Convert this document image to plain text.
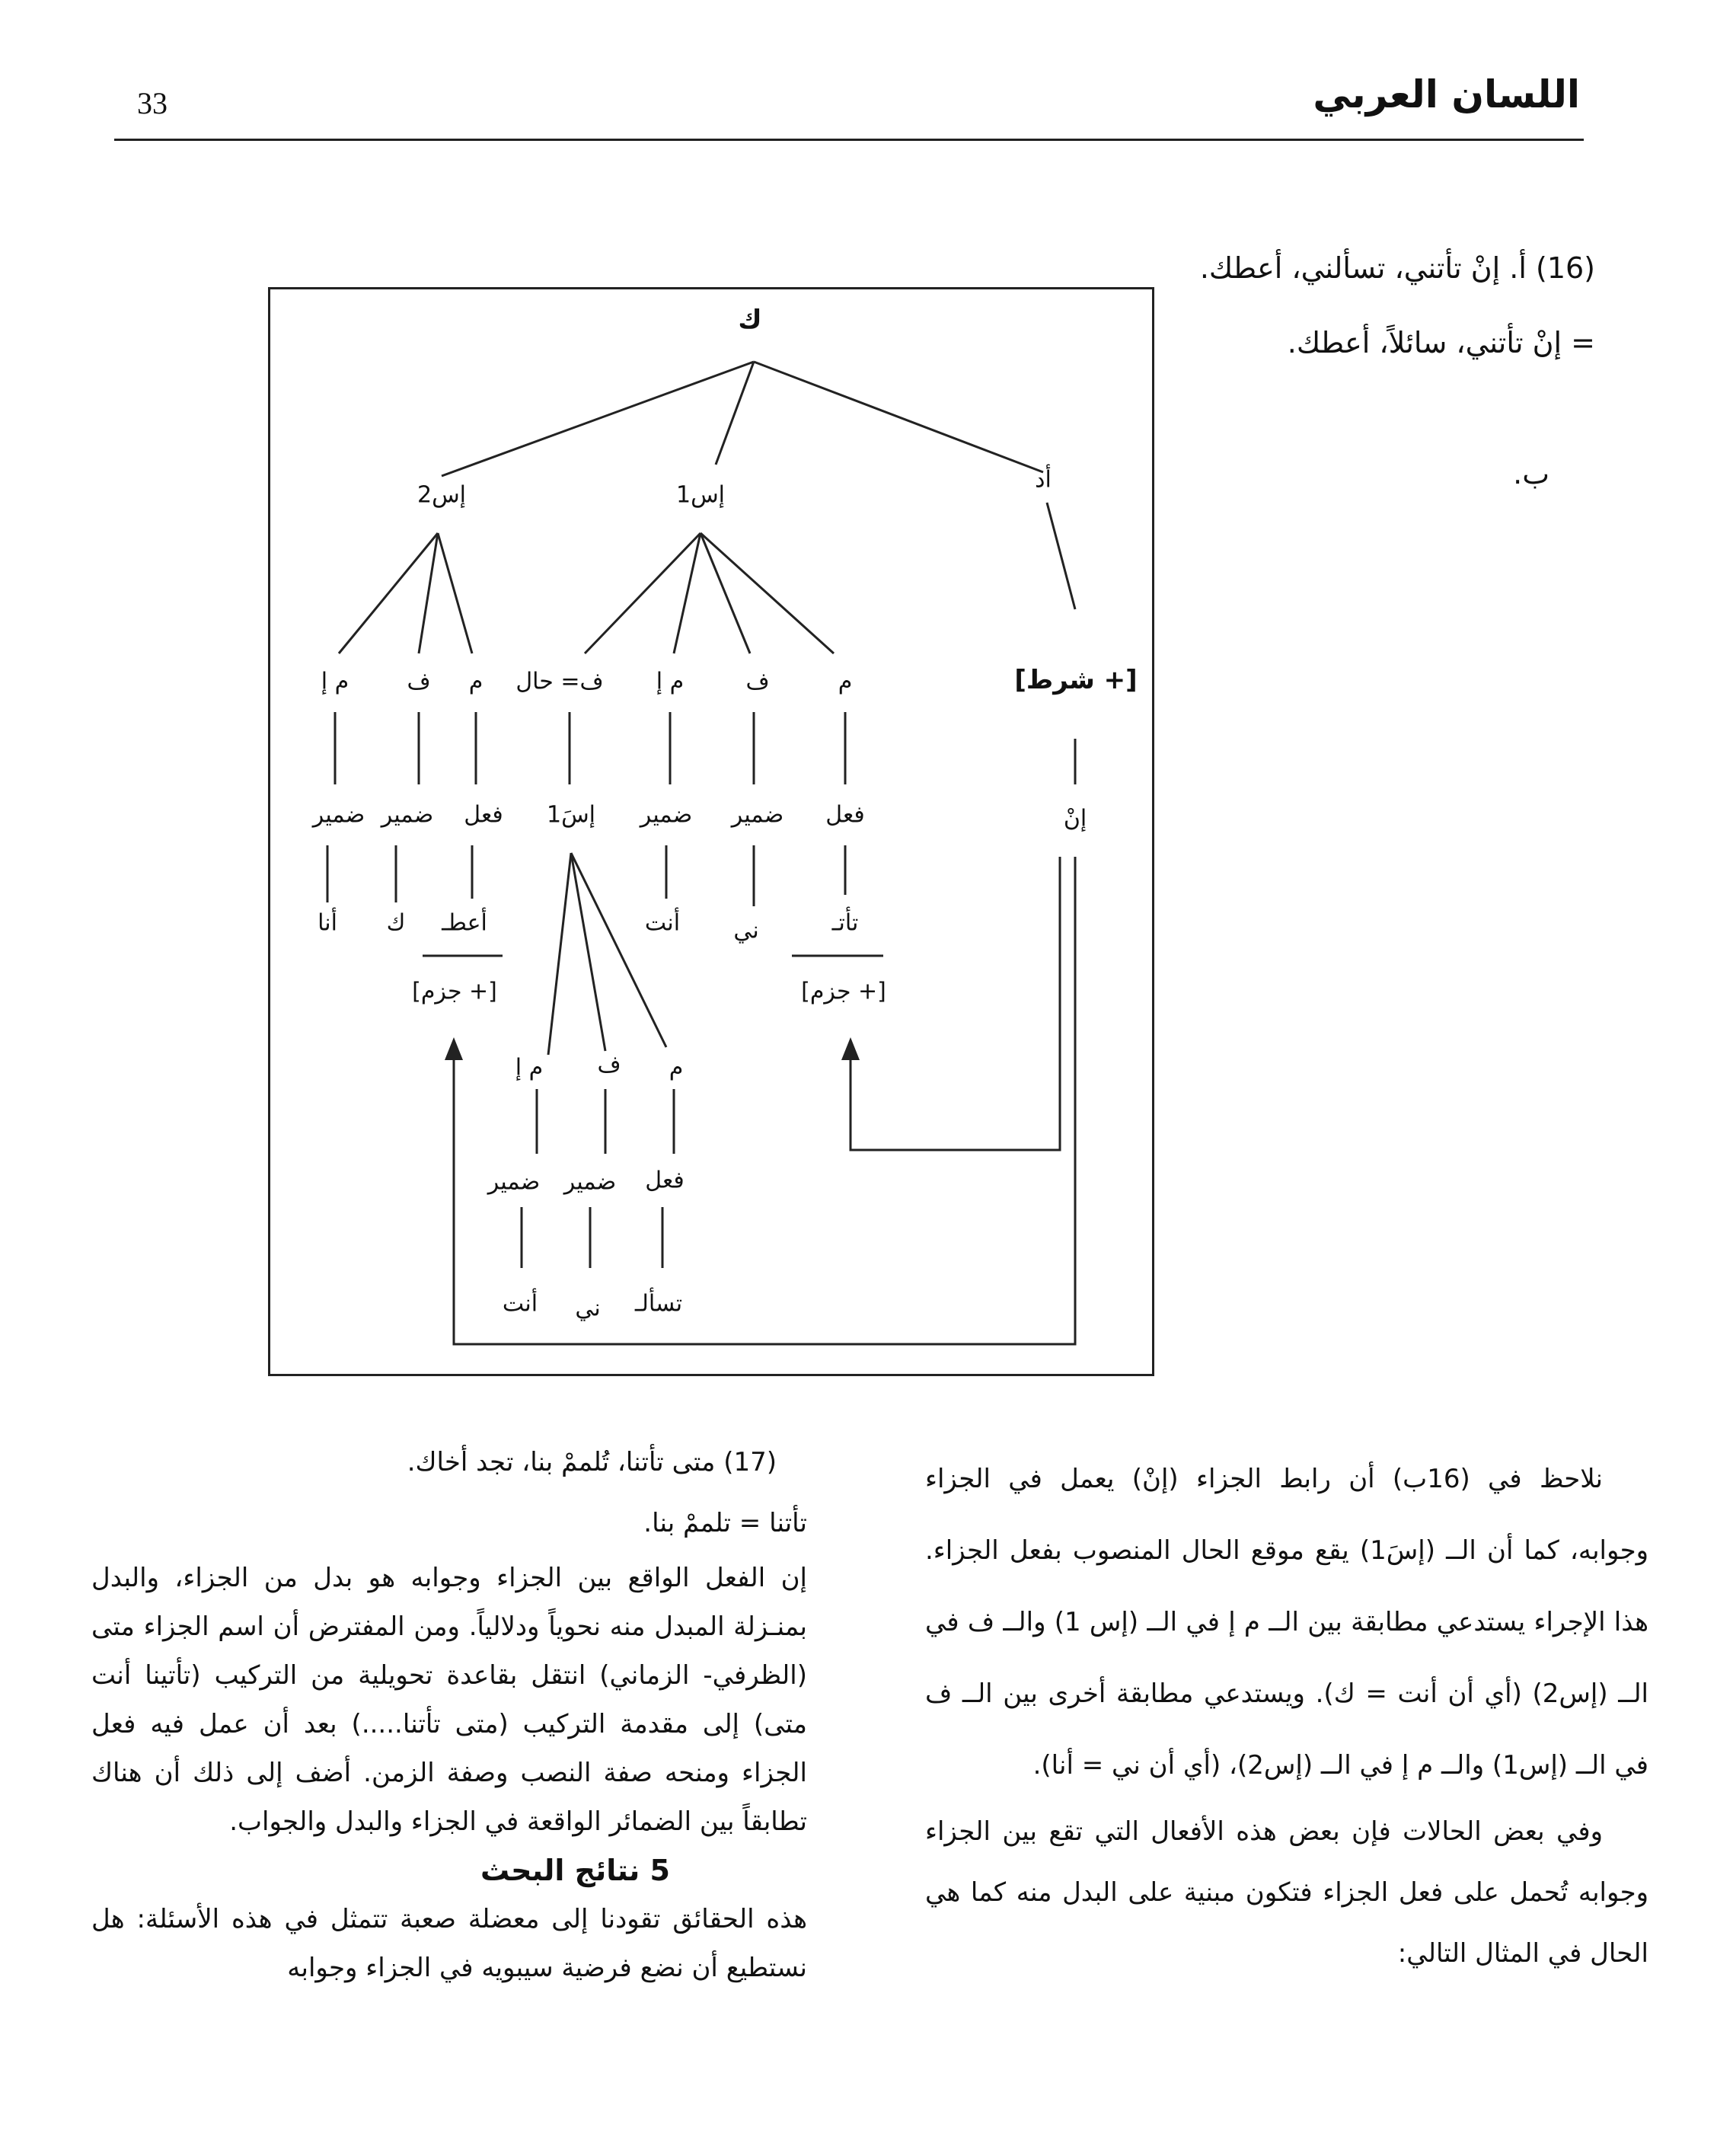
33	اللسان العربي
(16) أ. إنْ تأتني، تسألني، أعطك.
= إنْ تأتني، سائلاً، أعطك.
ب.
ك
أد
إس1
إس2
[+ شرط]
إنْ
م
ف
م إ
ف= حال
م
ف
م إ
فعل
ضمير
ضمير
إسَ1
فعل
ضمير
ضمير
تأتـ
ني
أنت
أعطـ
ك
أنا
[+ جزم]
[+ جزم]
م
ف
م إ
فعل
ضمير
ضمير
تسألـ
ني
أنت

نلاحظ في (16ب) أن رابط الجزاء (إنْ) يعمل في الجزاء وجوابه، كما أن الــ (إسَ1) يقع موقع الحال المنصوب بفعل الجزاء. هذا الإجراء يستدعي مطابقة بين الــ م إ في الــ (إس 1) والــ ف في الــ (إس2) (أي أن أنت = ك). ويستدعي مطابقة أخرى بين الــ ف في الــ (إس1) والــ م إ في الــ (إس2)، (أي أن ني = أنا).

وفي بعض الحالات فإن بعض هذه الأفعال التي تقع بين الجزاء وجوابه تُحمل على فعل الجزاء فتكون مبنية على البدل منه كما هي الحال في المثال التالي:

(17) متى تأتنا، تُلممْ بنا، تجد أخاك.

تأتنا = تلممْ بنا.

إن الفعل الواقع بين الجزاء وجوابه هو بدل من الجزاء، والبدل بمنـزلة المبدل منه نحوياً ودلالياً. ومن المفترض أن اسم الجزاء متى (الظرفي- الزماني) انتقل بقاعدة تحويلية من التركيب (تأتينا أنت متى) إلى مقدمة التركيب (متى تأتنا.....) بعد أن عمل فيه فعل الجزاء ومنحه صفة النصب وصفة الزمن. أضف إلى ذلك أن هناك تطابقاً بين الضمائر الواقعة في الجزاء والبدل والجواب.

5 نتائج البحث

هذه الحقائق تقودنا إلى معضلة صعبة تتمثل في هذه الأسئلة: هل نستطيع أن نضع فرضية سيبويه في الجزاء وجوابه
